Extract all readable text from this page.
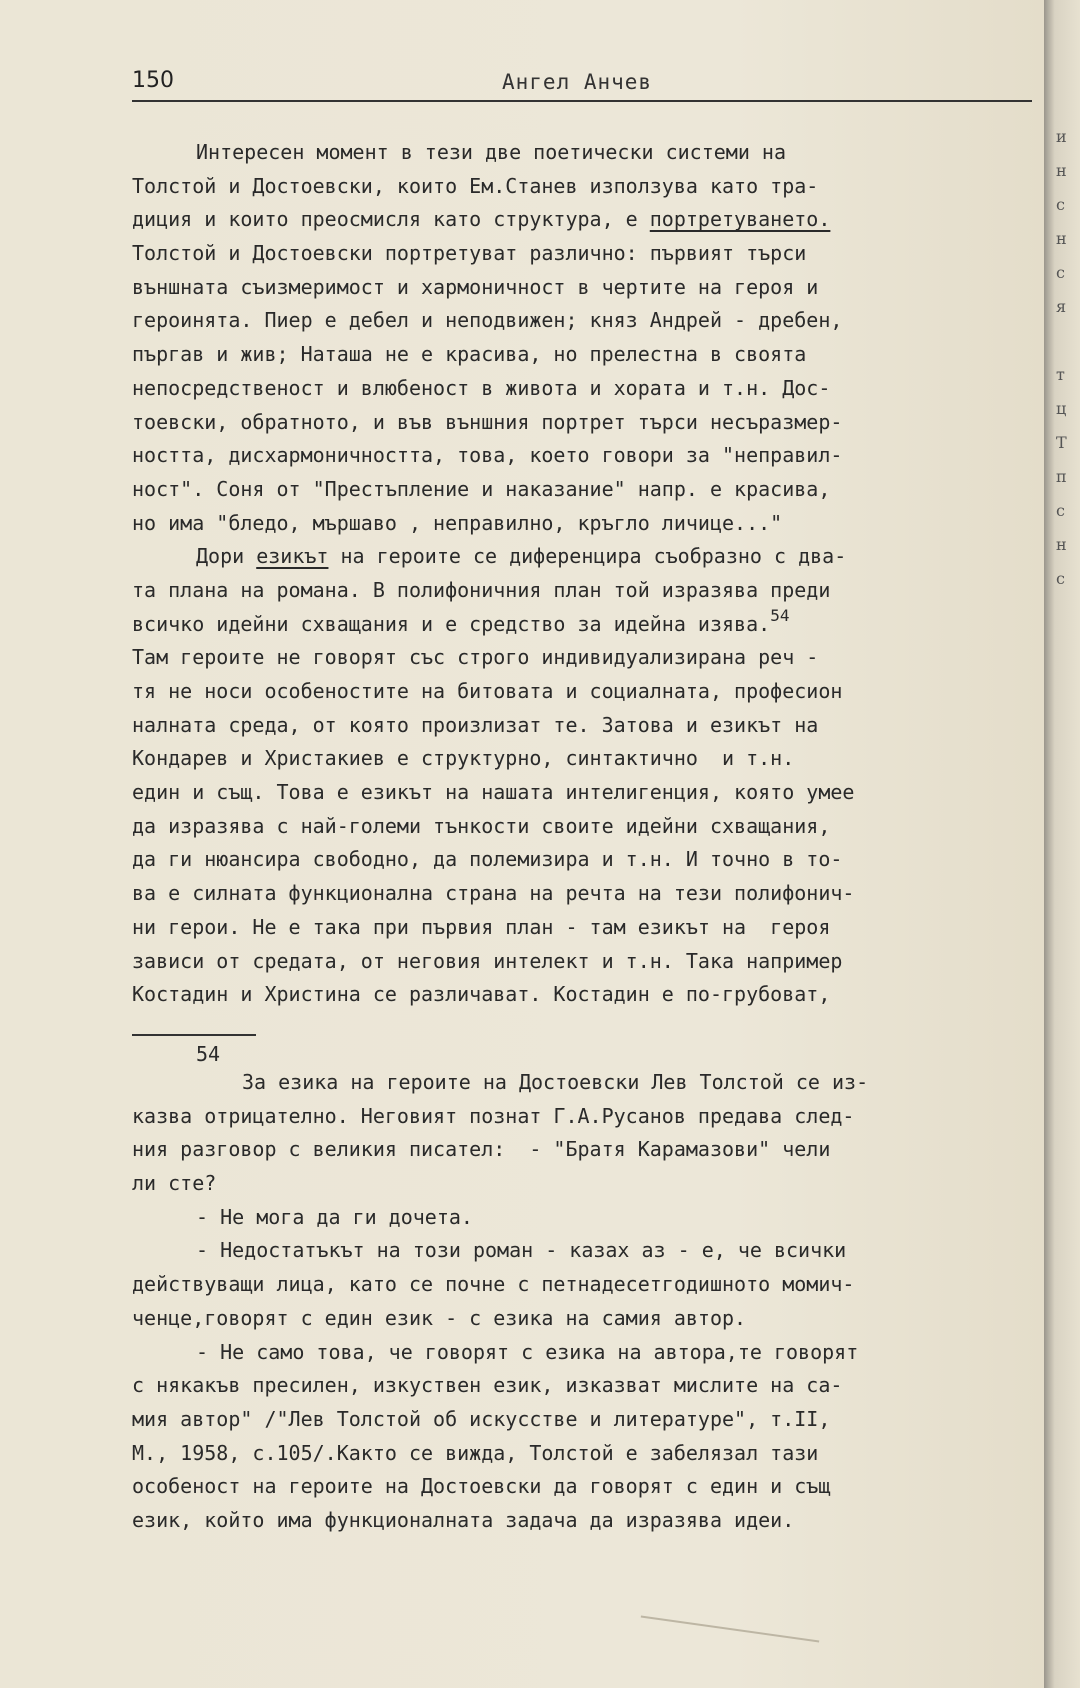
и
н
с
н
с
я

т
ц
Т
п
с
н
с
150	Ангел Анчев
Интересен момент в тези две поетически системи на
Толстой и Достоевски, които Ем.Станев използува като тра-
диция и които преосмисля като структура, е портретуването.
Толстой и Достоевски портретуват различно: първият търси
външната съизмеримост и хармоничност в чертите на героя и
героинята. Пиер е дебел и неподвижен; княз Андрей - дребен,
пъргав и жив; Наташа не е красива, но прелестна в своята
непосредственост и влюбеност в живота и хората и т.н. Дос-
тоевски, обратното, и във външния портрет търси несъразмер-
ността, дисхармоничността, това, което говори за "неправил-
ност". Соня от "Престъпление и наказание" напр. е красива,
но има "бледо, мършаво , неправилно, кръгло личице..."
Дори езикът на героите се диференцира съобразно с два-
та плана на романа. В полифоничния план той изразява преди
всичко идейни схващания и е средство за идейна изява.$^{54}$
Там героите не говорят със строго индивидуализирана реч -
тя не носи особеностите на битовата и социалната, професион
налната среда, от която произлизат те. Затова и езикът на
Кондарев и Христакиев е структурно, синтактично  и т.н.
един и същ. Това е езикът на нашата интелигенция, която умее
да изразява с най-големи тънкости своите идейни схващания,
да ги нюансира свободно, да полемизира и т.н. И точно в то-
ва е силната функционална страна на речта на тези полифонич-
ни герои. Не е така при първия план - там езикът на  героя
зависи от средата, от неговия интелект и т.н. Така например
Костадин и Христина се различават. Костадин е по-грубоват,
54
За езика на героите на Достоевски Лев Толстой се из-
казва отрицателно. Неговият познат Г.А.Русанов предава след-
ния разговор с великия писател:  - "Братя Карамазови" чели
ли сте?
- Не мога да ги дочета.
- Недостатъкът на този роман - казах аз - е, че всички
действуващи лица, като се почне с петнадесетгодишното момич-
ченце,говорят с един език - с езика на самия автор.
- Не само това, че говорят с езика на автора,те говорят
с някакъв пресилен, изкуствен език, изказват мислите на са-
мия автор" /"Лев Толстой об искусстве и литературе", т.II,
М., 1958, с.105/.Както се вижда, Толстой е забелязал тази
особеност на героите на Достоевски да говорят с един и същ
език, който има функционалната задача да изразява идеи.
